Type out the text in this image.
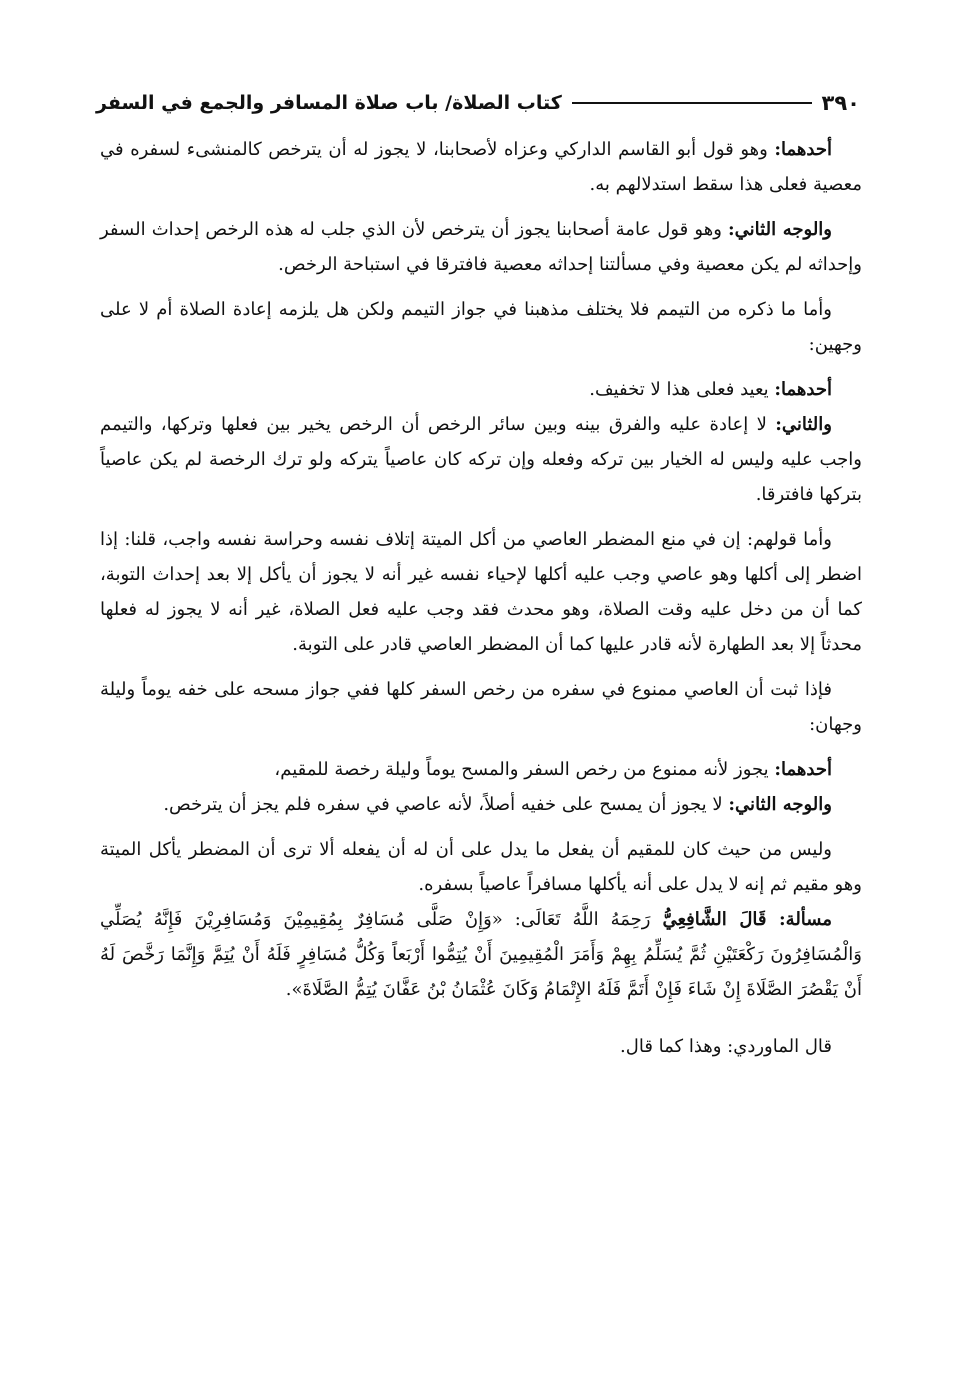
٣٩٠
كتاب الصلاة/ باب صلاة المسافر والجمع في السفر

أحدهما: وهو قول أبو القاسم الداركي وعزاه لأصحابنا، لا يجوز له أن يترخص كالمنشىء لسفره في معصية فعلى هذا سقط استدلالهم به.

والوجه الثاني: وهو قول عامة أصحابنا يجوز أن يترخص لأن الذي جلب له هذه الرخص إحداث السفر وإحداثه لم يكن معصية وفي مسألتنا إحداثه معصية فافترقا في استباحة الرخص.

وأما ما ذكره من التيمم فلا يختلف مذهبنا في جواز التيمم ولكن هل يلزمه إعادة الصلاة أم لا على وجهين:

أحدهما: يعيد فعلى هذا لا تخفيف.

والثاني: لا إعادة عليه والفرق بينه وبين سائر الرخص أن الرخص يخير بين فعلها وتركها، والتيمم واجب عليه وليس له الخيار بين تركه وفعله وإن تركه كان عاصياً يتركه ولو ترك الرخصة لم يكن عاصياً بتركها فافترقا.

وأما قولهم: إن في منع المضطر العاصي من أكل الميتة إتلاف نفسه وحراسة نفسه واجب، قلنا: إذا اضطر إلى أكلها وهو عاصي وجب عليه أكلها لإحياء نفسه غير أنه لا يجوز أن يأكل إلا بعد إحداث التوبة، كما أن من دخل عليه وقت الصلاة، وهو محدث فقد وجب عليه فعل الصلاة، غير أنه لا يجوز له فعلها محدثاً إلا بعد الطهارة لأنه قادر عليها كما أن المضطر العاصي قادر على التوبة.

فإذا ثبت أن العاصي ممنوع في سفره من رخص السفر كلها ففي جواز مسحه على خفه يوماً وليلة وجهان:

أحدهما: يجوز لأنه ممنوع من رخص السفر والمسح يوماً وليلة رخصة للمقيم،

والوجه الثاني: لا يجوز أن يمسح على خفيه أصلاً، لأنه عاصي في سفره فلم يجز أن يترخص.

وليس من حيث كان للمقيم أن يفعل ما يدل على أن له أن يفعله ألا ترى أن المضطر يأكل الميتة وهو مقيم ثم إنه لا يدل على أنه يأكلها مسافراً عاصياً بسفره.

مسألة: قَالَ الشَّافِعِيُّ رَحِمَهُ اللَّهُ تَعَالَى: «وَإِنْ صَلَّى مُسَافِرٌ بِمُقِيمِيْنَ وَمُسَافِرِيْنَ فَإِنَّهُ يُصَلِّي وَالْمُسَافِرُونَ رَكْعَتَيْنِ ثُمَّ يُسَلِّمُ بِهِمْ وَأَمَرَ الْمُقِيمِينَ أَنْ يُتِمُّوا أَرْبَعاً وَكُلُّ مُسَافِرٍ فَلَهُ أَنْ يُتِمَّ وَإِنَّمَا رَخَّصَ لَهُ أَنْ يَقْصُرَ الصَّلَاةَ إِنْ شَاءَ فَإِنْ أَتَمَّ فَلَهُ الإِتْمَامُ وَكَانَ عُثْمَانُ بْنُ عَفَّانَ يُتِمُّ الصَّلَاةَ».

قال الماوردي: وهذا كما قال.
